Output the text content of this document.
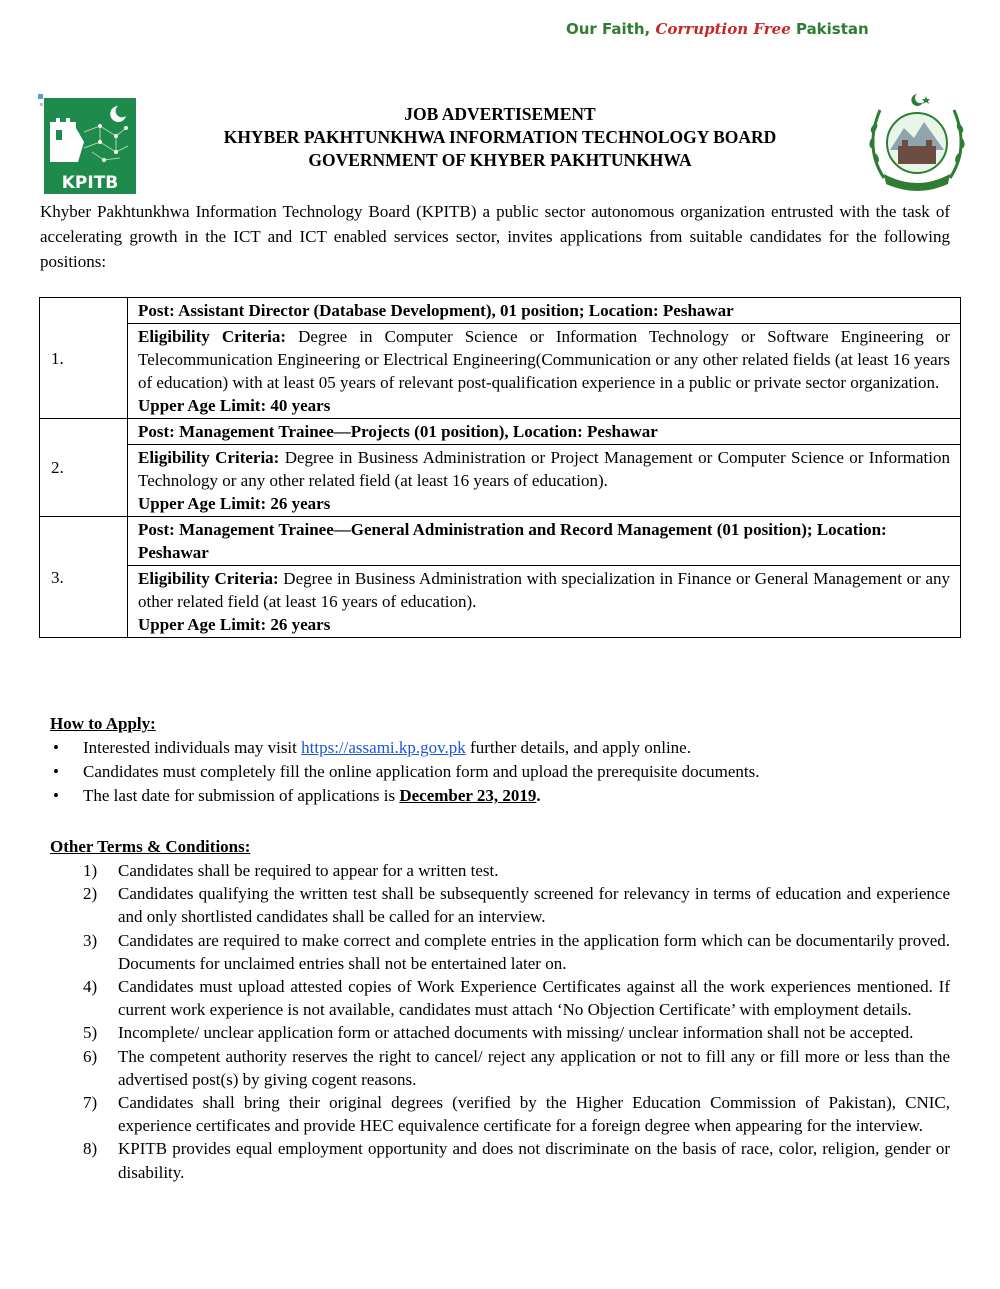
Our Faith, Corruption Free Pakistan
KPITB
JOB ADVERTISEMENT
KHYBER PAKHTUNKHWA INFORMATION TECHNOLOGY BOARD
GOVERNMENT OF KHYBER PAKHTUNKHWA
Khyber Pakhtunkhwa Information Technology Board (KPITB) a public sector autonomous organization entrusted with the task of accelerating growth in the ICT and ICT enabled services sector, invites applications from suitable candidates for the following positions:
1.	Post: Assistant Director (Database Development), 01 position; Location: Peshawar

	Eligibility Criteria: Degree in Computer Science or Information Technology or Software Engineering or Telecommunication Engineering or Electrical Engineering(Communication or any other related fields (at least 16 years of education) with at least 05 years of relevant post-qualification experience in a public or private sector organization.
Upper Age Limit: 40 years

2.	Post: Management Trainee—Projects (01 position), Location: Peshawar

	Eligibility Criteria: Degree in Business Administration or Project Management or Computer Science or Information Technology or any other related field (at least 16 years of education).
Upper Age Limit: 26 years

3.	Post: Management Trainee—General Administration and Record Management (01 position); Location: Peshawar

	Eligibility Criteria: Degree in Business Administration with specialization in Finance or General Management or any other related field (at least 16 years of education).
Upper Age Limit: 26 years
How to Apply:
• Interested individuals may visit https://assami.kp.gov.pk further details, and apply online.
• Candidates must completely fill the online application form and upload the prerequisite documents.
• The last date for submission of applications is December 23, 2019.
Other Terms & Conditions:
1) Candidates shall be required to appear for a written test.
2) Candidates qualifying the written test shall be subsequently screened for relevancy in terms of education and experience and only shortlisted candidates shall be called for an interview.
3) Candidates are required to make correct and complete entries in the application form which can be documentarily proved. Documents for unclaimed entries shall not be entertained later on.
4) Candidates must upload attested copies of Work Experience Certificates against all the work experiences mentioned. If current work experience is not available, candidates must attach ‘No Objection Certificate’ with employment details.
5) Incomplete/ unclear application form or attached documents with missing/ unclear information shall not be accepted.
6) The competent authority reserves the right to cancel/ reject any application or not to fill any or fill more or less than the advertised post(s) by giving cogent reasons.
7) Candidates shall bring their original degrees (verified by the Higher Education Commission of Pakistan), CNIC, experience certificates and provide HEC equivalence certificate for a foreign degree when appearing for the interview.
8) KPITB provides equal employment opportunity and does not discriminate on the basis of race, color, religion, gender or disability.
